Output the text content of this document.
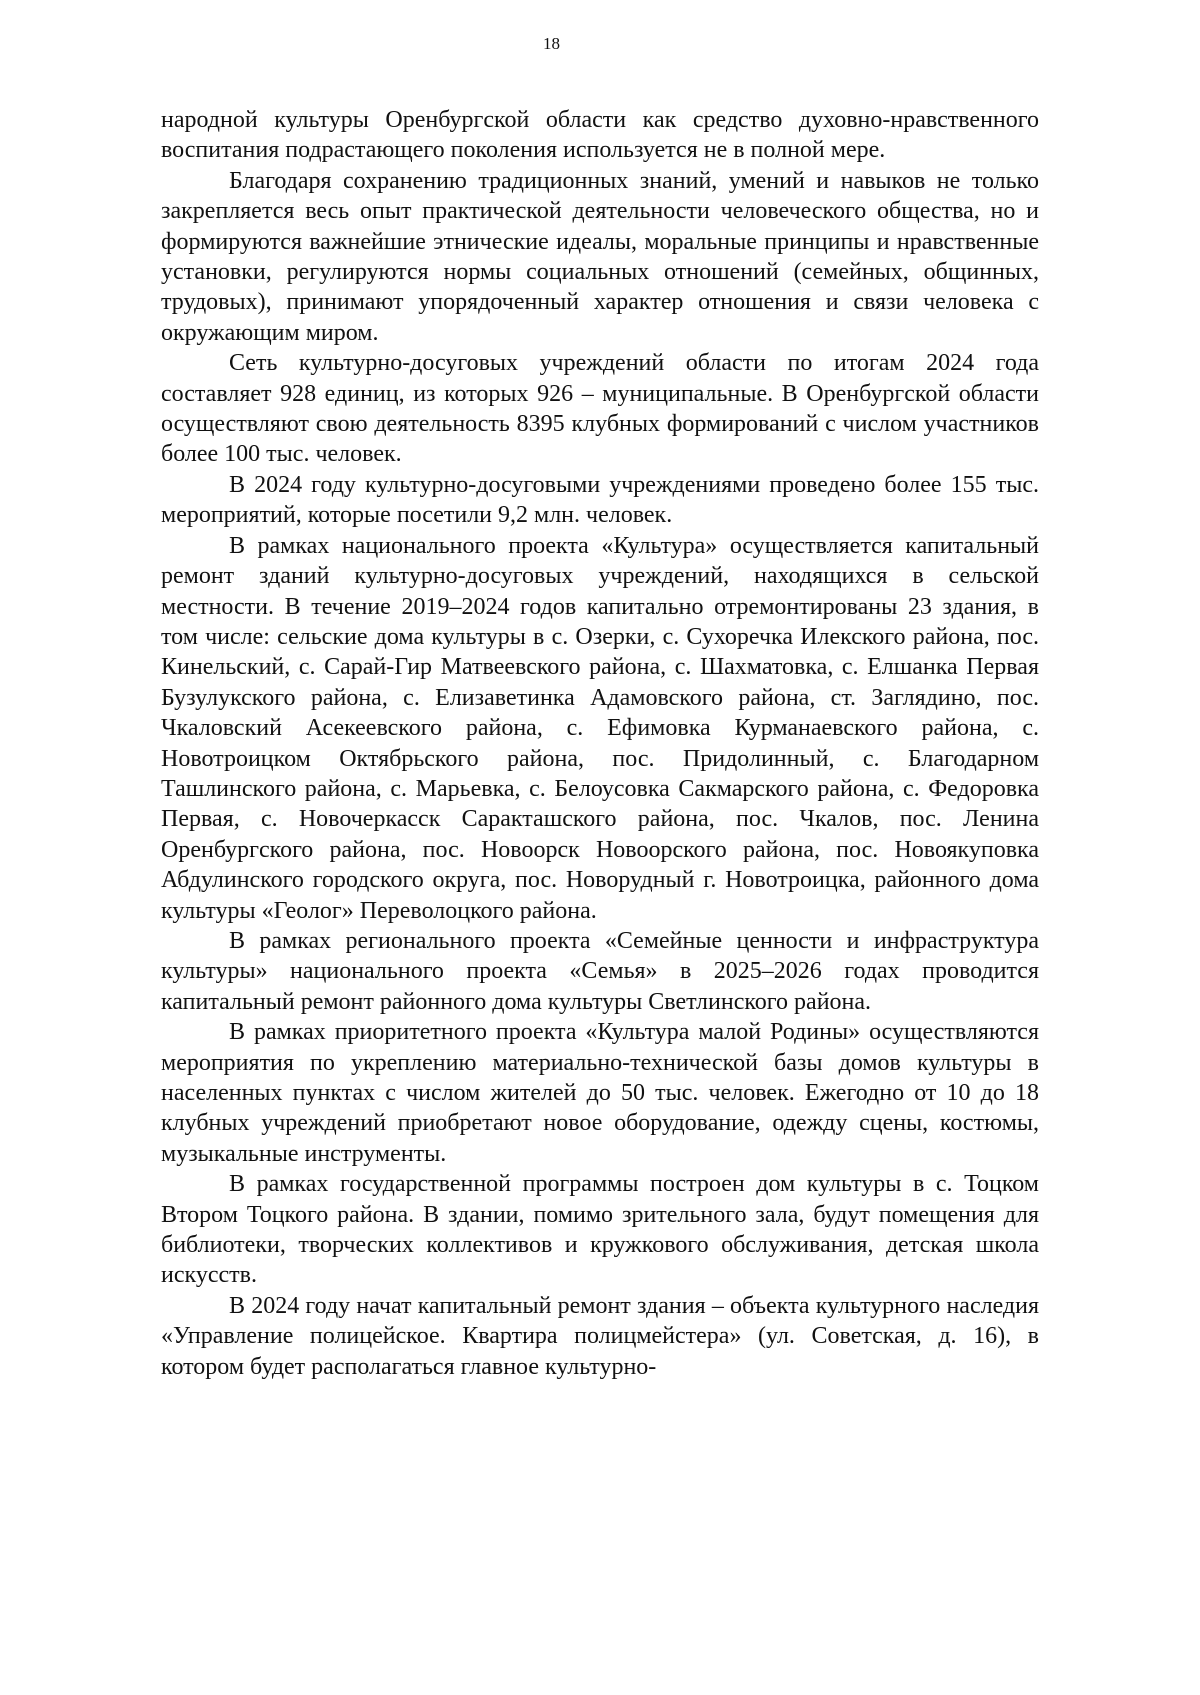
18

народной культуры Оренбургской области как средство духовно-нравственного воспитания подрастающего поколения используется не в полной мере.

Благодаря сохранению традиционных знаний, умений и навыков не только закрепляется весь опыт практической деятельности человеческого общества, но и формируются важнейшие этнические идеалы, моральные принципы и нравственные установки, регулируются нормы социальных отношений (семейных, общинных, трудовых), принимают упорядоченный характер отношения и связи человека с окружающим миром.

Сеть культурно-досуговых учреждений области по итогам 2024 года составляет 928 единиц, из которых 926 – муниципальные. В Оренбургской области осуществляют свою деятельность 8395 клубных формирований с числом участников более 100 тыс. человек.

В 2024 году культурно-досуговыми учреждениями проведено более 155 тыс. мероприятий, которые посетили 9,2 млн. человек.

В рамках национального проекта «Культура» осуществляется капитальный ремонт зданий культурно-досуговых учреждений, находящихся в сельской местности. В течение 2019–2024 годов капитально отремонтированы 23 здания, в том числе: сельские дома культуры в с. Озерки, с. Сухоречка Илекского района, пос. Кинельский, с. Сарай-Гир Матвеевского района, с. Шахматовка, с. Елшанка Первая Бузулукского района, с. Елизаветинка Адамовского района, ст. Заглядино, пос. Чкаловский Асекеевского района, с. Ефимовка Курманаевского района, с. Новотроицком Октябрьского района, пос. Придолинный, с. Благодарном Ташлинского района, с. Марьевка, с. Белоусовка Сакмарского района, с. Федоровка Первая, с. Новочеркасск Саракташского района, пос. Чкалов, пос. Ленина Оренбургского района, пос. Новоорск Новоорского района, пос. Новоякуповка Абдулинского городского округа, пос. Новорудный г. Новотроицка, районного дома культуры «Геолог» Переволоцкого района.

В рамках регионального проекта «Семейные ценности и инфраструктура культуры» национального проекта «Семья» в 2025–2026 годах проводится капитальный ремонт районного дома культуры Светлинского района.

В рамках приоритетного проекта «Культура малой Родины» осуществляются мероприятия по укреплению материально-технической базы домов культуры в населенных пунктах с числом жителей до 50 тыс. человек. Ежегодно от 10 до 18 клубных учреждений приобретают новое оборудование, одежду сцены, костюмы, музыкальные инструменты.

В рамках государственной программы построен дом культуры в с. Тоцком Втором Тоцкого района. В здании, помимо зрительного зала, будут помещения для библиотеки, творческих коллективов и кружкового обслуживания, детская школа искусств.

В 2024 году начат капитальный ремонт здания – объекта культурного наследия «Управление полицейское. Квартира полицмейстера» (ул. Советская, д. 16), в котором будет располагаться главное культурно-
